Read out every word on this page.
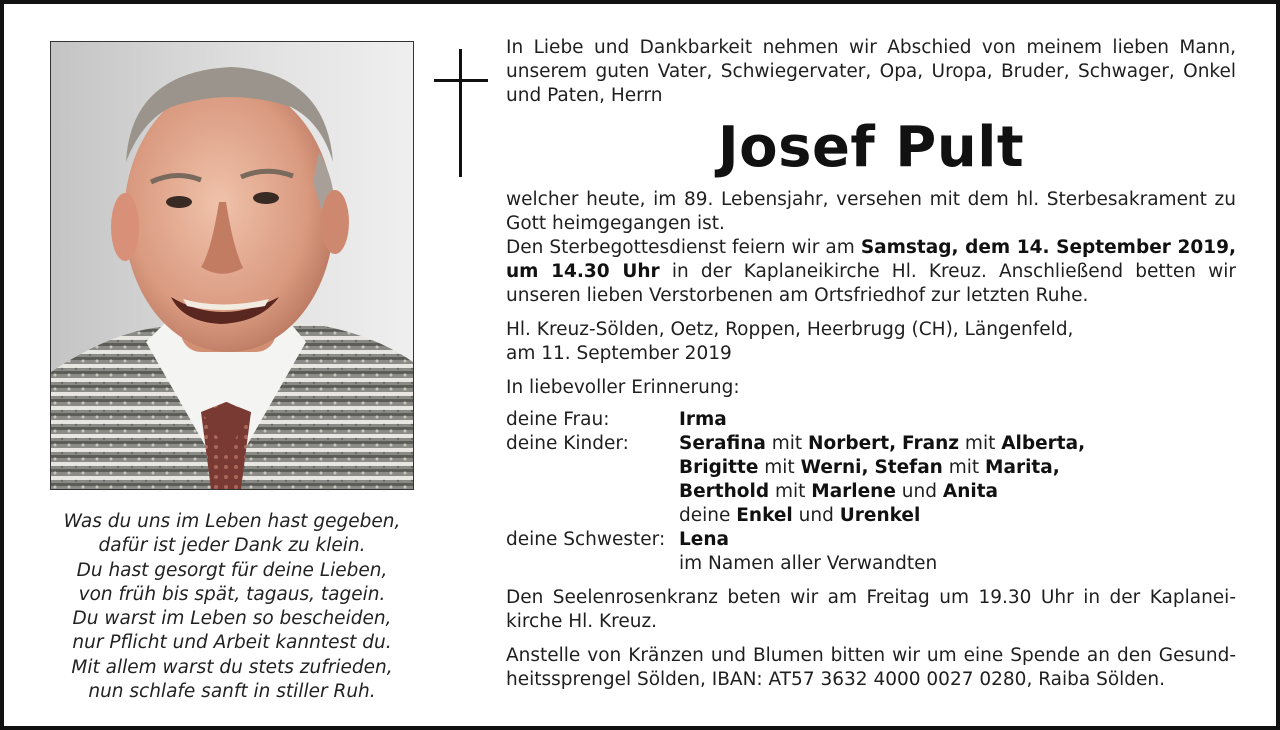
Was du uns im Leben hast gegeben,
dafür ist jeder Dank zu klein.
Du hast gesorgt für deine Lieben,
von früh bis spät, tagaus, tagein.
Du warst im Leben so bescheiden,
nur Pflicht und Arbeit kanntest du.
Mit allem warst du stets zufrieden,
nun schlafe sanft in stiller Ruh.

In Liebe und Dankbarkeit nehmen wir Abschied von meinem lieben Mann,
unserem guten Vater, Schwiegervater, Opa, Uropa, Bruder, Schwager, Onkel
und Paten, Herrn

Josef Pult

welcher heute, im 89. Lebensjahr, versehen mit dem hl. Sterbesakrament zu
Gott heimgegangen ist.

Den Sterbegottesdienst feiern wir am Samstag, dem 14. September 2019,
um 14.30 Uhr in der Kaplaneikirche Hl. Kreuz. Anschließend betten wir
unseren lieben Verstorbenen am Ortsfriedhof zur letzten Ruhe.

Hl. Kreuz-Sölden, Oetz, Roppen, Heerbrugg (CH), Längenfeld,
am 11. September 2019

In liebevoller Erinnerung:

deine Frau:	Irma
deine Kinder:	Serafina mit Norbert, Franz mit Alberta,
	Brigitte mit Werni, Stefan mit Marita,
	Berthold mit Marlene und Anita
	deine Enkel und Urenkel
deine Schwester:	Lena
	im Namen aller Verwandten

Den Seelenrosenkranz beten wir am Freitag um 19.30 Uhr in der Kaplanei-
kirche Hl. Kreuz.

Anstelle von Kränzen und Blumen bitten wir um eine Spende an den Gesund-
heitssprengel Sölden, IBAN: AT57 3632 4000 0027 0280, Raiba Sölden.
